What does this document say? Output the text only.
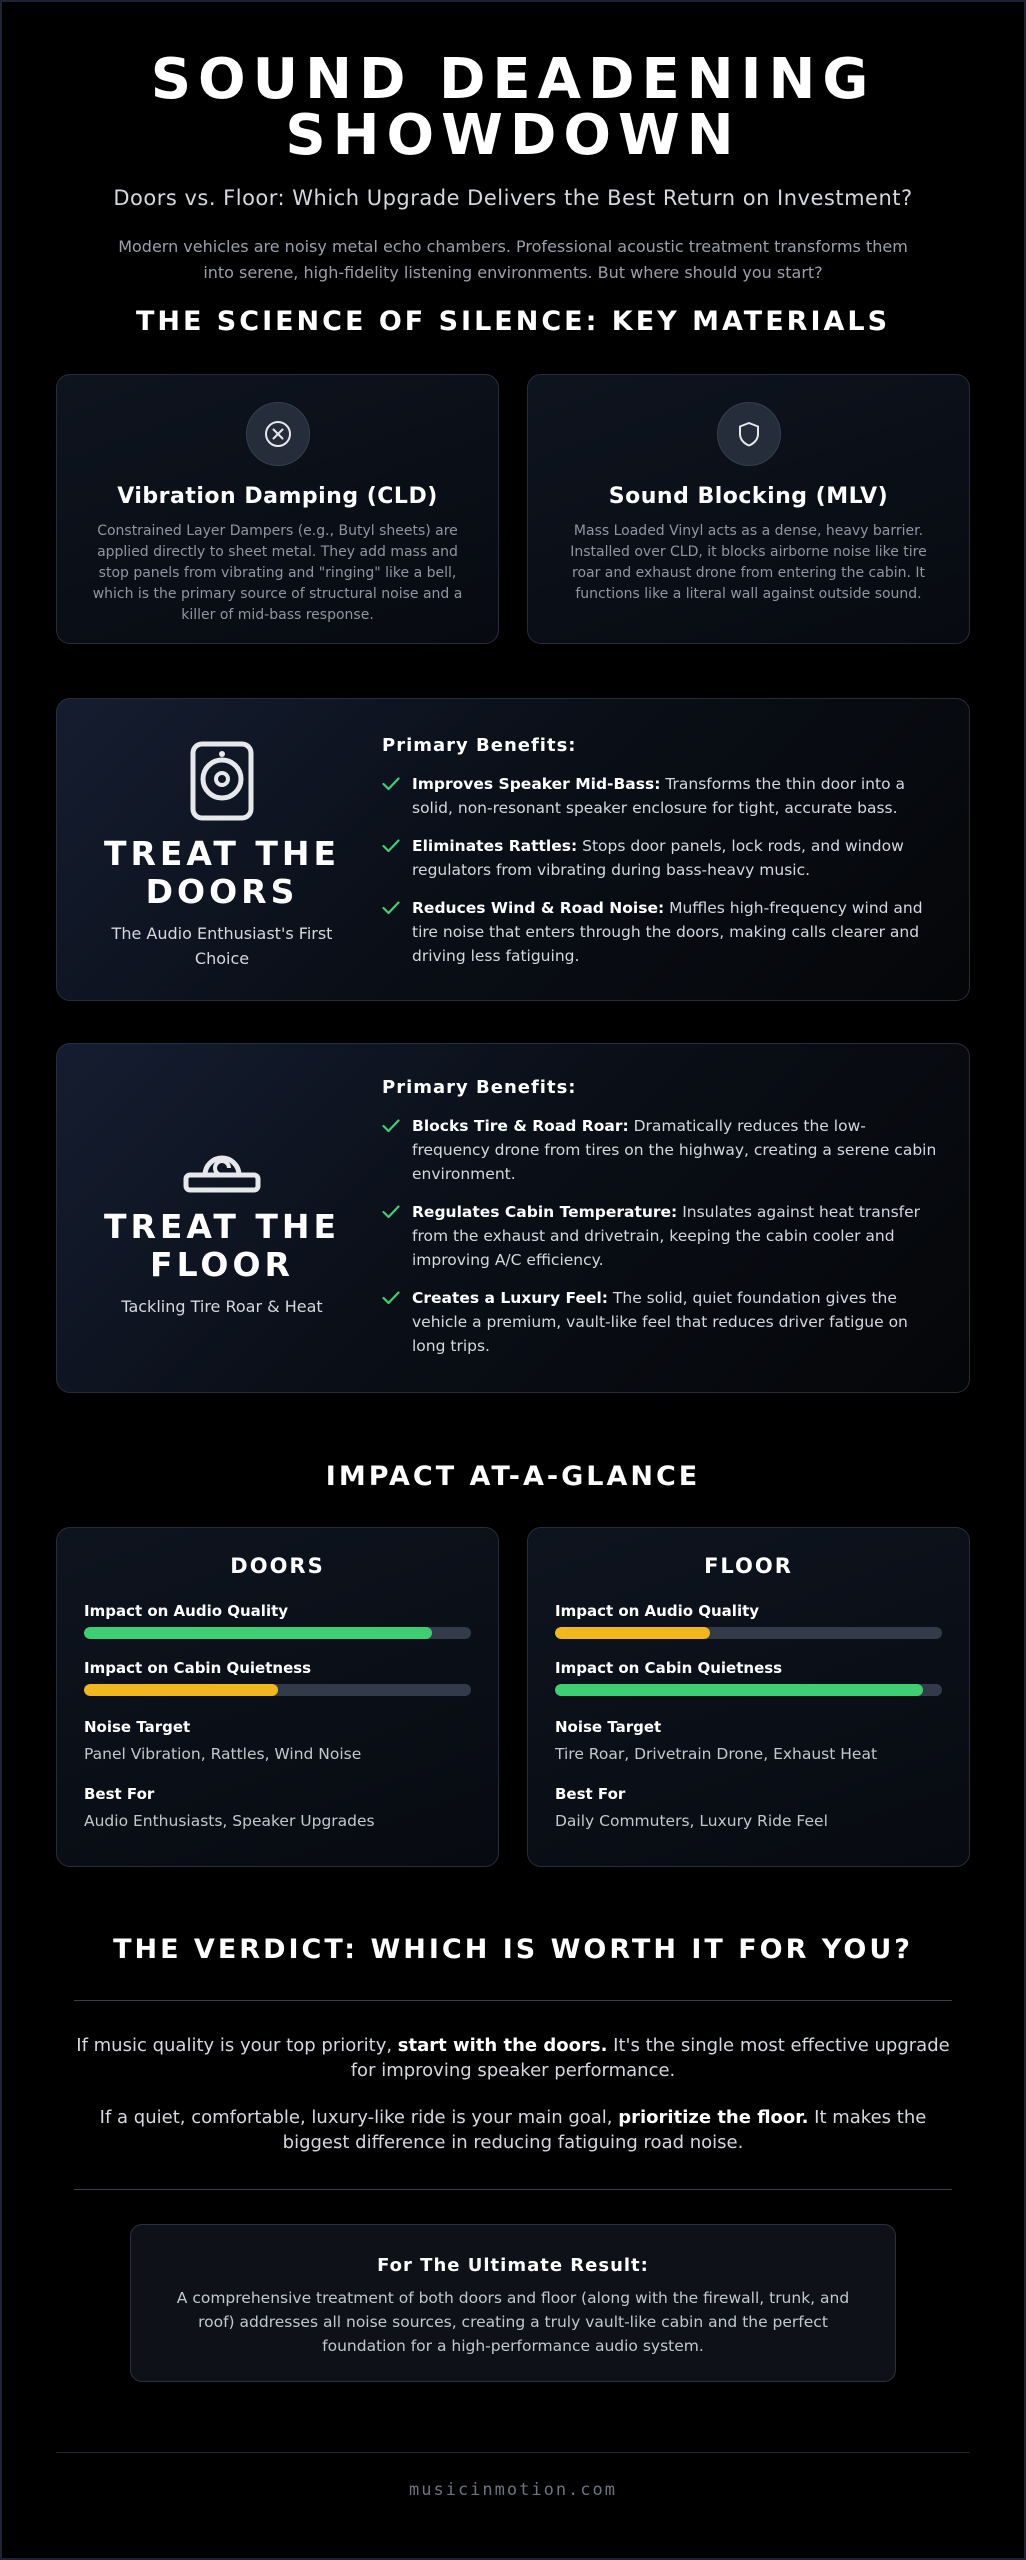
SOUND DEADENING SHOWDOWN
Doors vs. Floor: Which Upgrade Delivers the Best Return on Investment?

Modern vehicles are noisy metal echo chambers. Professional acoustic treatment transforms them into serene, high-fidelity listening environments. But where should you start?

THE SCIENCE OF SILENCE: KEY MATERIALS
Vibration Damping (CLD)

Constrained Layer Dampers (e.g., Butyl sheets) are applied directly to sheet metal. They add mass and stop panels from vibrating and "ringing" like a bell, which is the primary source of structural noise and a killer of mid-bass response.

Sound Blocking (MLV)

Mass Loaded Vinyl acts as a dense, heavy barrier. Installed over CLD, it blocks airborne noise like tire roar and exhaust drone from entering the cabin. It functions like a literal wall against outside sound.

TREAT THE DOORS
The Audio Enthusiast's First Choice
Primary Benefits:
Improves Speaker Mid-Bass: Transforms the thin door into a solid, non-resonant speaker enclosure for tight, accurate bass.
Eliminates Rattles: Stops door panels, lock rods, and window regulators from vibrating during bass-heavy music.
Reduces Wind & Road Noise: Muffles high-frequency wind and tire noise that enters through the doors, making calls clearer and driving less fatiguing.
TREAT THE FLOOR
Tackling Tire Roar & Heat
Primary Benefits:
Blocks Tire & Road Roar: Dramatically reduces the low-frequency drone from tires on the highway, creating a serene cabin environment.
Regulates Cabin Temperature: Insulates against heat transfer from the exhaust and drivetrain, keeping the cabin cooler and improving A/C efficiency.
Creates a Luxury Feel: The solid, quiet foundation gives the vehicle a premium, vault-like feel that reduces driver fatigue on long trips.
IMPACT AT-A-GLANCE
DOORS
Impact on Audio Quality
Impact on Cabin Quietness
Noise Target
Panel Vibration, Rattles, Wind Noise
Best For
Audio Enthusiasts, Speaker Upgrades
FLOOR
Impact on Audio Quality
Impact on Cabin Quietness
Noise Target
Tire Roar, Drivetrain Drone, Exhaust Heat
Best For
Daily Commuters, Luxury Ride Feel
THE VERDICT: WHICH IS WORTH IT FOR YOU?

If music quality is your top priority, start with the doors. It's the single most effective upgrade for improving speaker performance.

If a quiet, comfortable, luxury-like ride is your main goal, prioritize the floor. It makes the biggest difference in reducing fatiguing road noise.

For The Ultimate Result:

A comprehensive treatment of both doors and floor (along with the firewall, trunk, and roof) addresses all noise sources, creating a truly vault-like cabin and the perfect foundation for a high-performance audio system.

musicinmotion.com
